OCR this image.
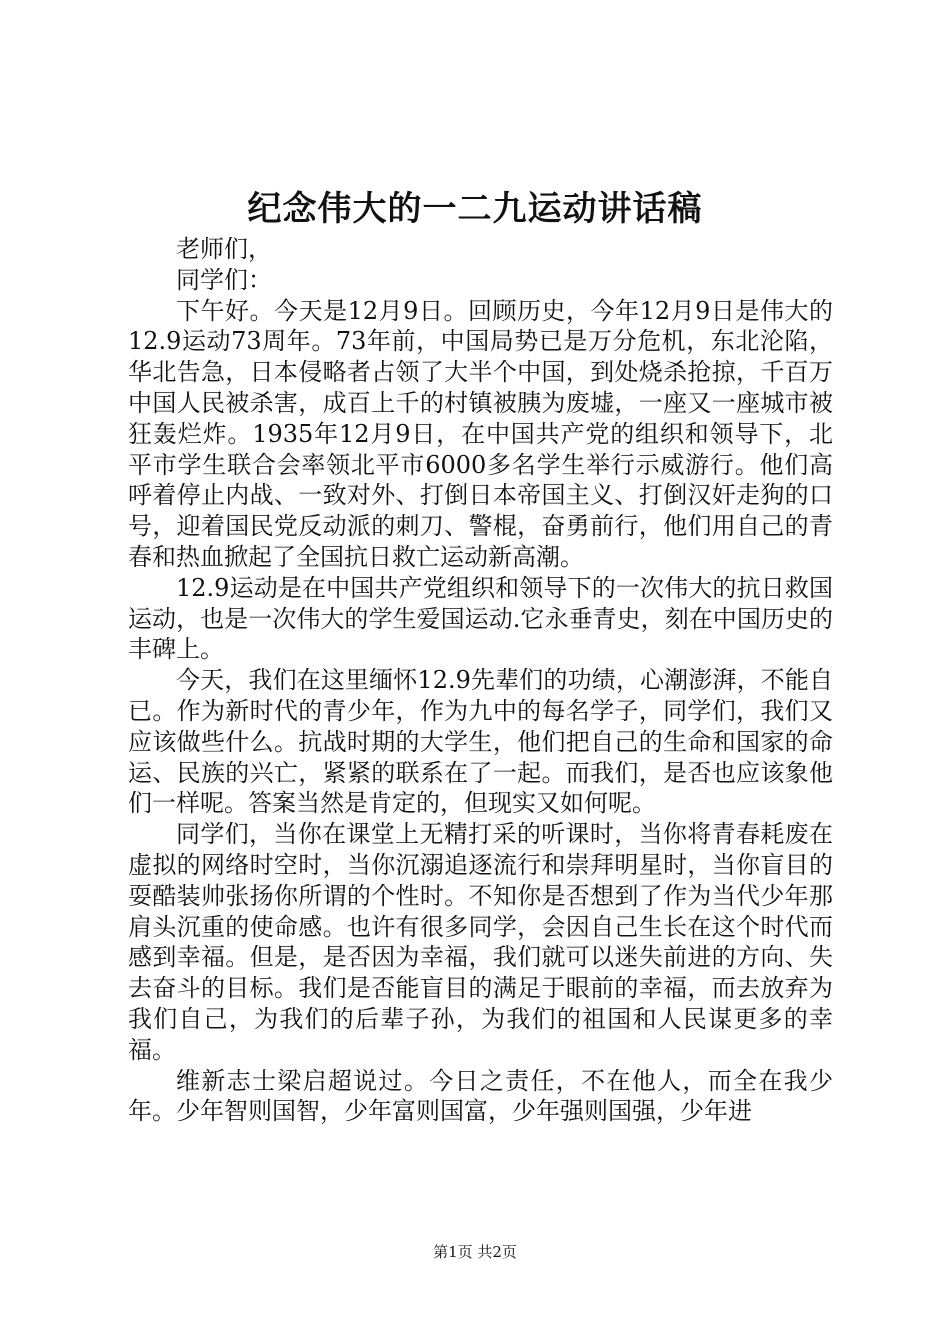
纪念伟大的一二九运动讲话稿

老师们，

同学们：

下午好。今天是12月9日。回顾历史，今年12月9日是伟大的12.9运动73周年。73年前，中国局势已是万分危机，东北沦陷，华北告急，日本侵略者占领了大半个中国，到处烧杀抢掠，千百万中国人民被杀害，成百上千的村镇被胰为废墟，一座又一座城市被狂轰烂炸。1935年12月9日，在中国共产党的组织和领导下，北平市学生联合会率领北平市6000多名学生举行示威游行。他们高呼着停止内战、一致对外、打倒日本帝国主义、打倒汉奸走狗的口号，迎着国民党反动派的刺刀、警棍，奋勇前行，他们用自己的青春和热血掀起了全国抗日救亡运动新高潮。

12.9运动是在中国共产党组织和领导下的一次伟大的抗日救国运动，也是一次伟大的学生爱国运动.它永垂青史，刻在中国历史的丰碑上。

今天，我们在这里缅怀12.9先辈们的功绩，心潮澎湃，不能自已。作为新时代的青少年，作为九中的每名学子，同学们，我们又应该做些什么。抗战时期的大学生，他们把自己的生命和国家的命运、民族的兴亡，紧紧的联系在了一起。而我们，是否也应该象他们一样呢。答案当然是肯定的，但现实又如何呢。

同学们，当你在课堂上无精打采的听课时，当你将青春耗废在虚拟的网络时空时，当你沉溺追逐流行和崇拜明星时，当你盲目的耍酷装帅张扬你所谓的个性时。不知你是否想到了作为当代少年那肩头沉重的使命感。也许有很多同学，会因自己生长在这个时代而感到幸福。但是，是否因为幸福，我们就可以迷失前进的方向、失去奋斗的目标。我们是否能盲目的满足于眼前的幸福，而去放弃为我们自己，为我们的后辈子孙，为我们的祖国和人民谋更多的幸福。

维新志士梁启超说过。今日之责任，不在他人，而全在我少年。少年智则国智，少年富则国富，少年强则国强，少年进

第1页 共2页
